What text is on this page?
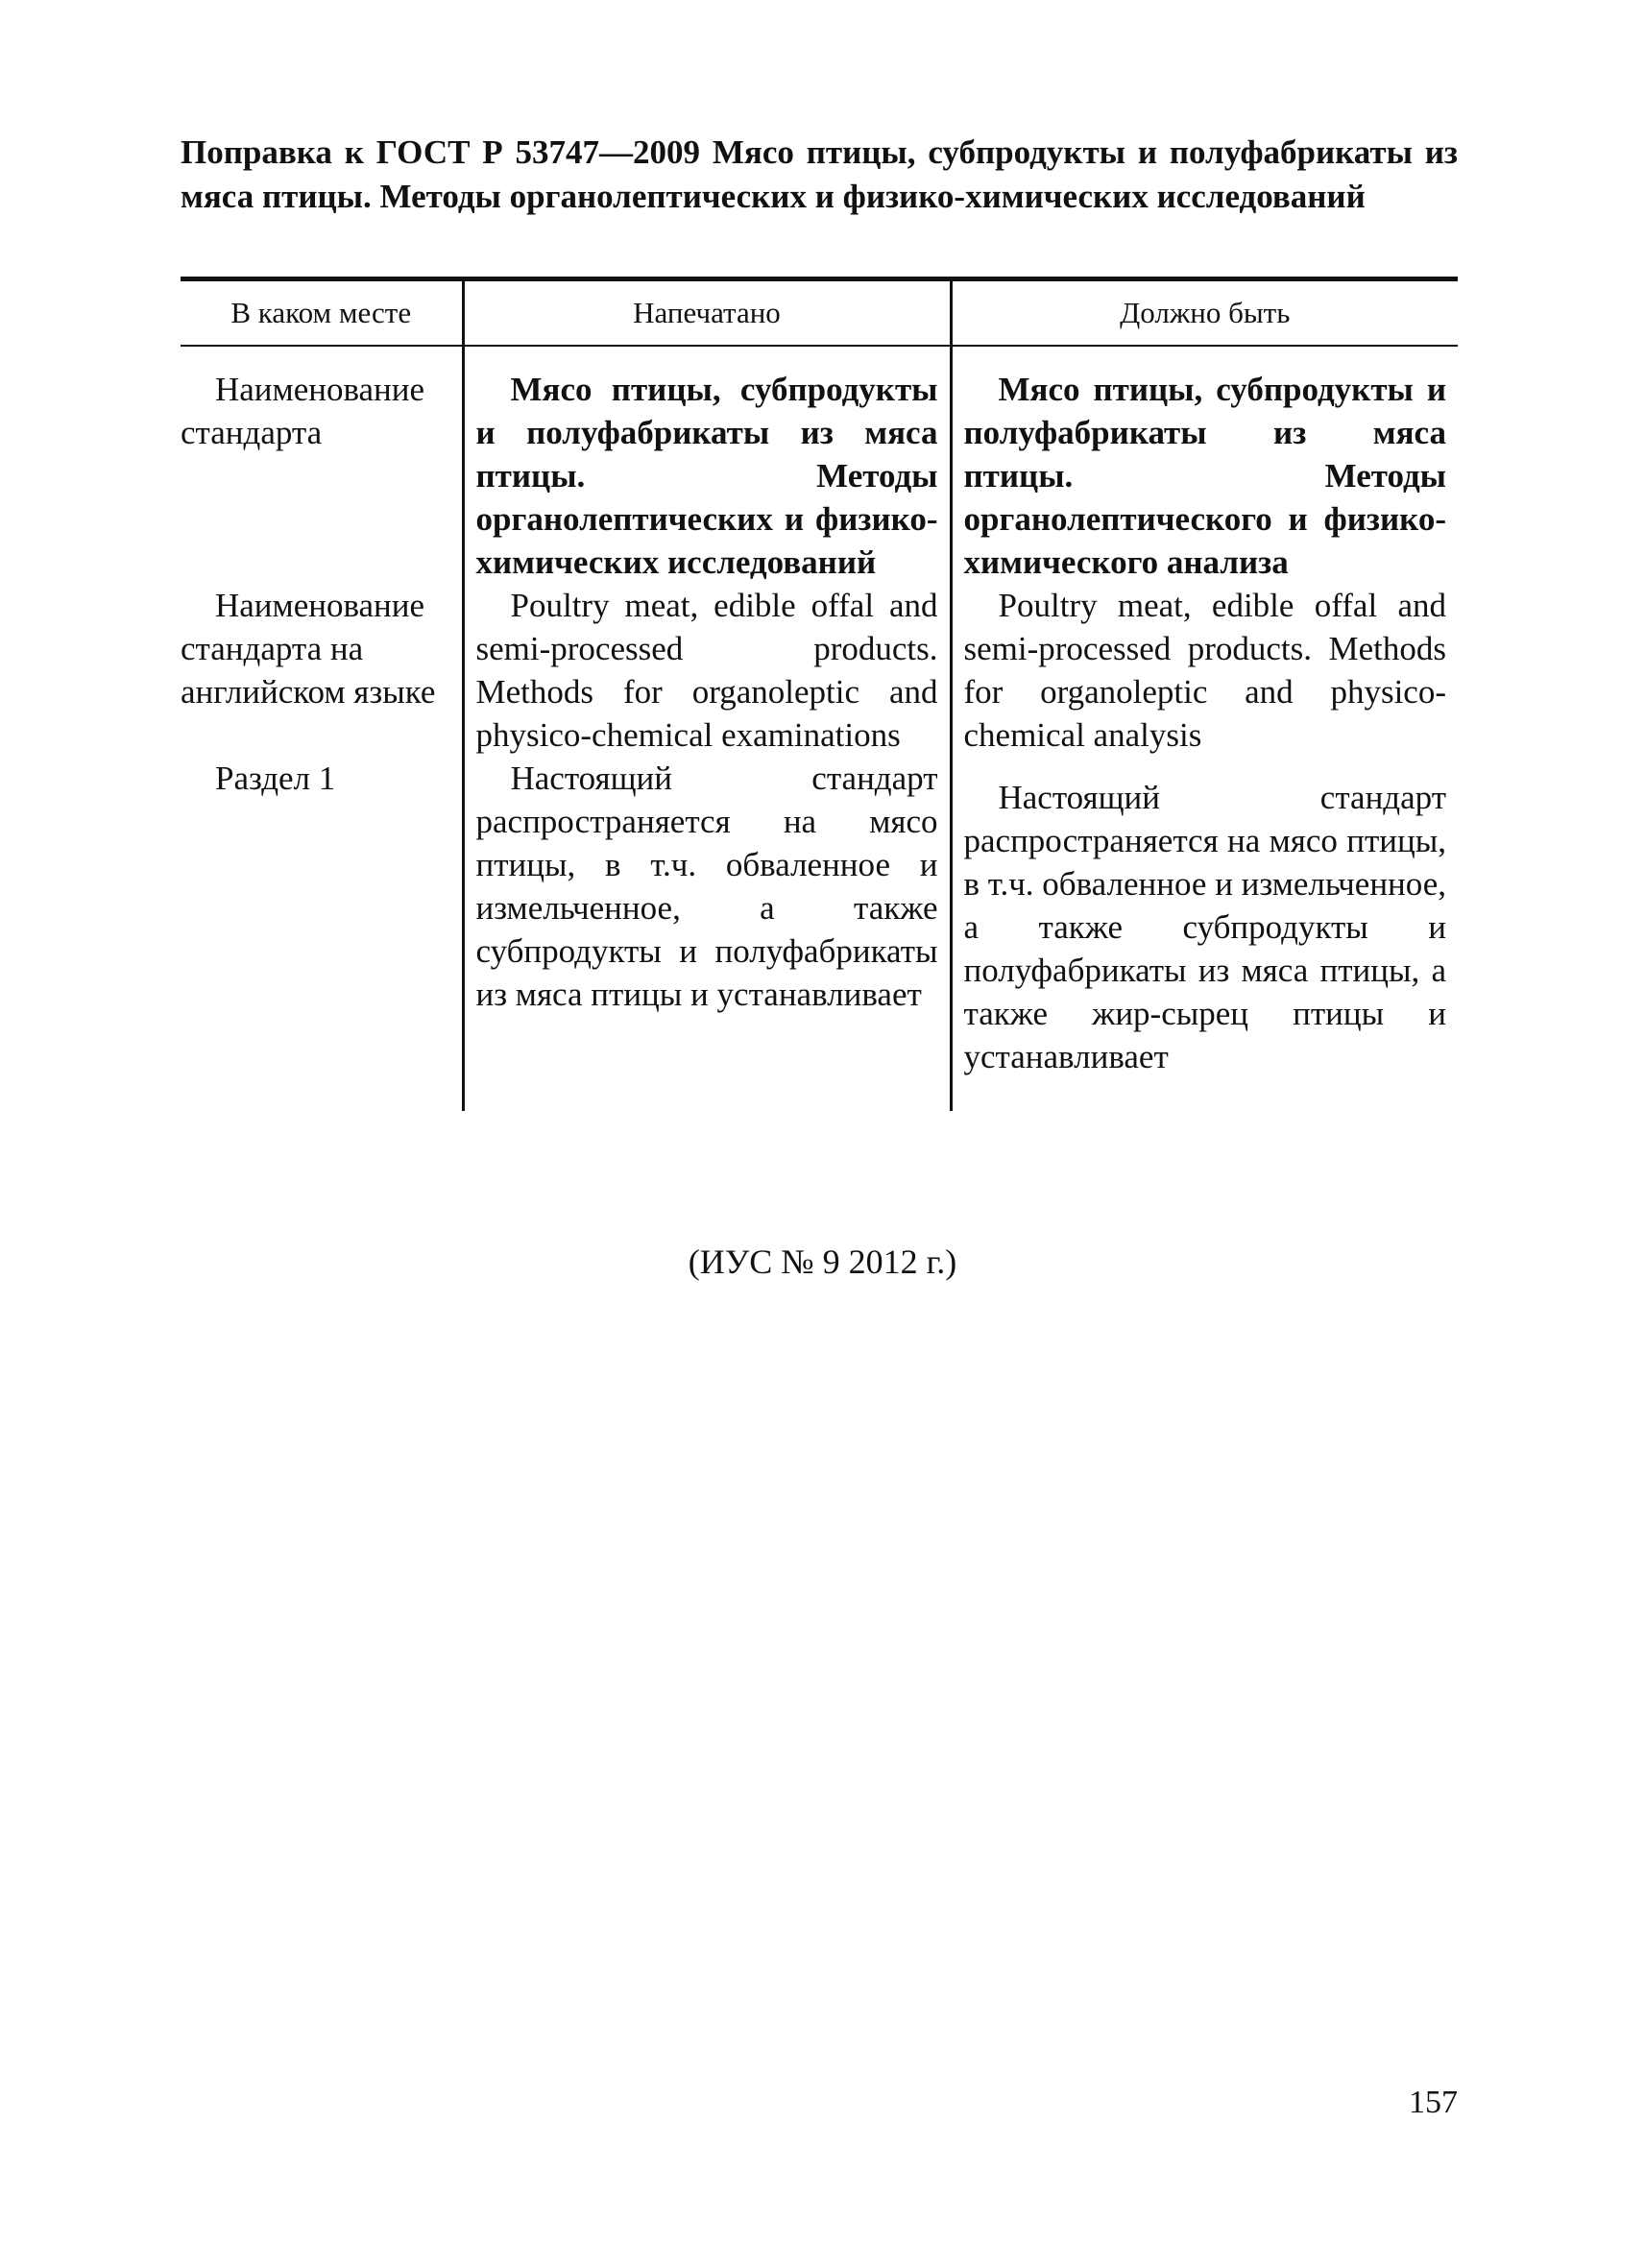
Поправка к ГОСТ Р 53747—2009 Мясо птицы, субпродукты и полуфабрикаты из мяса птицы. Методы органолептических и физико-химических исследований
В каком месте	Напечатано	Должно быть

Наименование стандарта	Мясо птицы, субпродукты и полуфабрикаты из мяса птицы. Методы органолептических и физико-химических исследований	Мясо птицы, субпродукты и полуфабрикаты из мяса птицы. Методы органолептического и физико-химического анализа

Наименование стандарта на английском языке	Poultry meat, edible offal and semi-processed products. Methods for organoleptic and physico-chemical examinations	Poultry meat, edible offal and semi-processed products. Methods for organoleptic and physico-chemical analysis

Раздел 1	Настоящий стандарт распространяется на мясо птицы, в т.ч. обваленное и измельченное, а также субпродукты и полуфабрикаты из мяса птицы и устанавливает	Настоящий стандарт распространяется на мясо птицы, в т.ч. обваленное и измельченное, а также субпродукты и полуфабрикаты из мяса птицы, а также жир-сырец птицы и устанавливает
(ИУС № 9 2012 г.)
157
